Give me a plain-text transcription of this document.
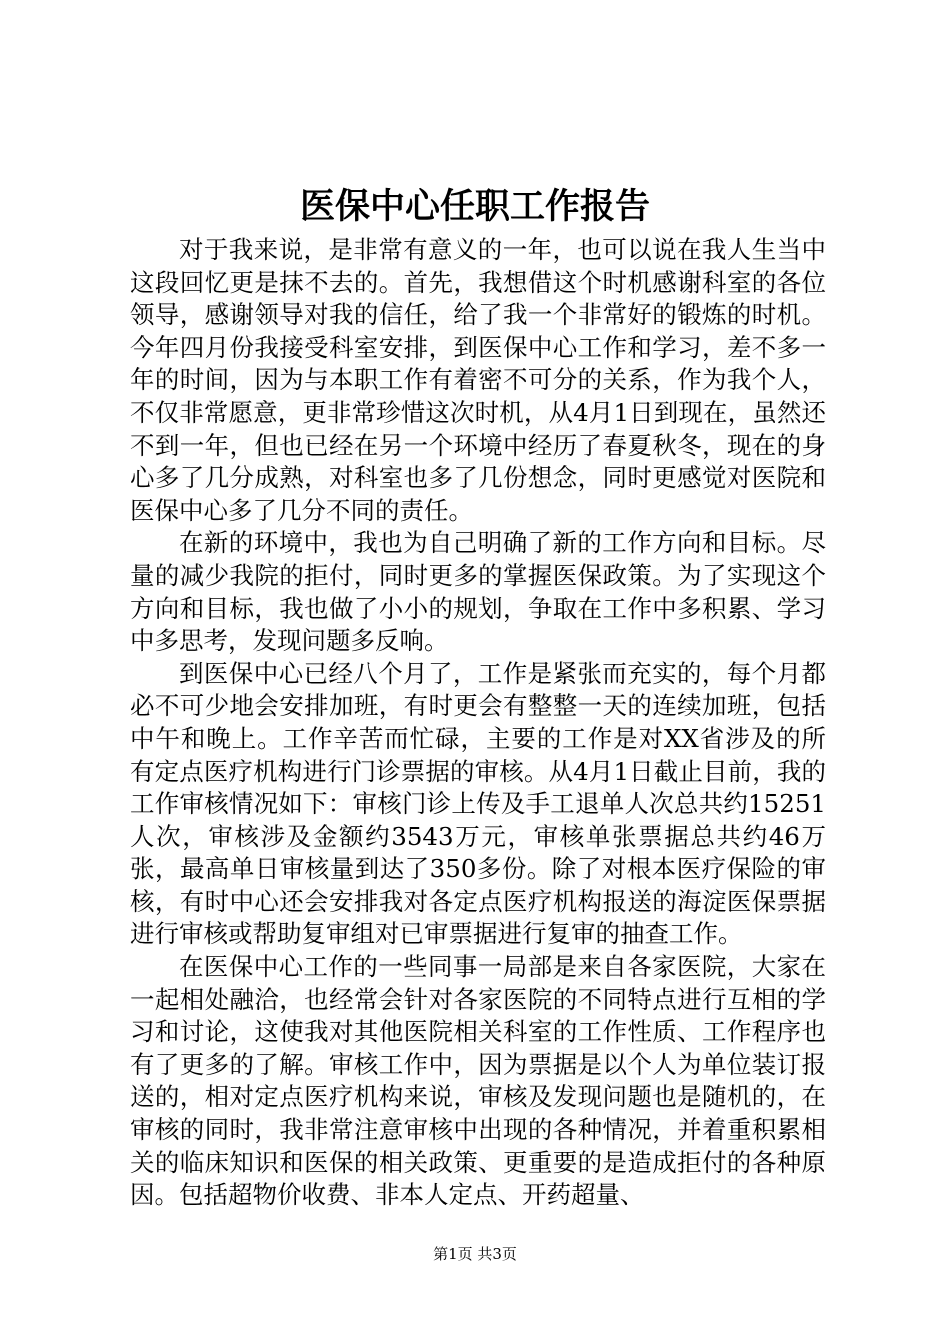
医保中心任职工作报告

对于我来说，是非常有意义的一年，也可以说在我人生当中这段回忆更是抹不去的。首先，我想借这个时机感谢科室的各位领导，感谢领导对我的信任，给了我一个非常好的锻炼的时机。今年四月份我接受科室安排，到医保中心工作和学习，差不多一年的时间，因为与本职工作有着密不可分的关系，作为我个人，不仅非常愿意，更非常珍惜这次时机，从4月1日到现在，虽然还不到一年，但也已经在另一个环境中经历了春夏秋冬，现在的身心多了几分成熟，对科室也多了几份想念，同时更感觉对医院和医保中心多了几分不同的责任。

在新的环境中，我也为自己明确了新的工作方向和目标。尽量的减少我院的拒付，同时更多的掌握医保政策。为了实现这个方向和目标，我也做了小小的规划，争取在工作中多积累、学习中多思考，发现问题多反响。

到医保中心已经八个月了，工作是紧张而充实的，每个月都必不可少地会安排加班，有时更会有整整一天的连续加班，包括中午和晚上。工作辛苦而忙碌，主要的工作是对XX省涉及的所有定点医疗机构进行门诊票据的审核。从4月1日截止目前，我的工作审核情况如下：审核门诊上传及手工退单人次总共约15251人次，审核涉及金额约3543万元，审核单张票据总共约46万张，最高单日审核量到达了350多份。除了对根本医疗保险的审核，有时中心还会安排我对各定点医疗机构报送的海淀医保票据进行审核或帮助复审组对已审票据进行复审的抽查工作。

在医保中心工作的一些同事一局部是来自各家医院，大家在一起相处融洽，也经常会针对各家医院的不同特点进行互相的学习和讨论，这使我对其他医院相关科室的工作性质、工作程序也有了更多的了解。审核工作中，因为票据是以个人为单位装订报送的，相对定点医疗机构来说，审核及发现问题也是随机的，在审核的同时，我非常注意审核中出现的各种情况，并着重积累相关的临床知识和医保的相关政策、更重要的是造成拒付的各种原因。包括超物价收费、非本人定点、开药超量、

第1页 共3页
